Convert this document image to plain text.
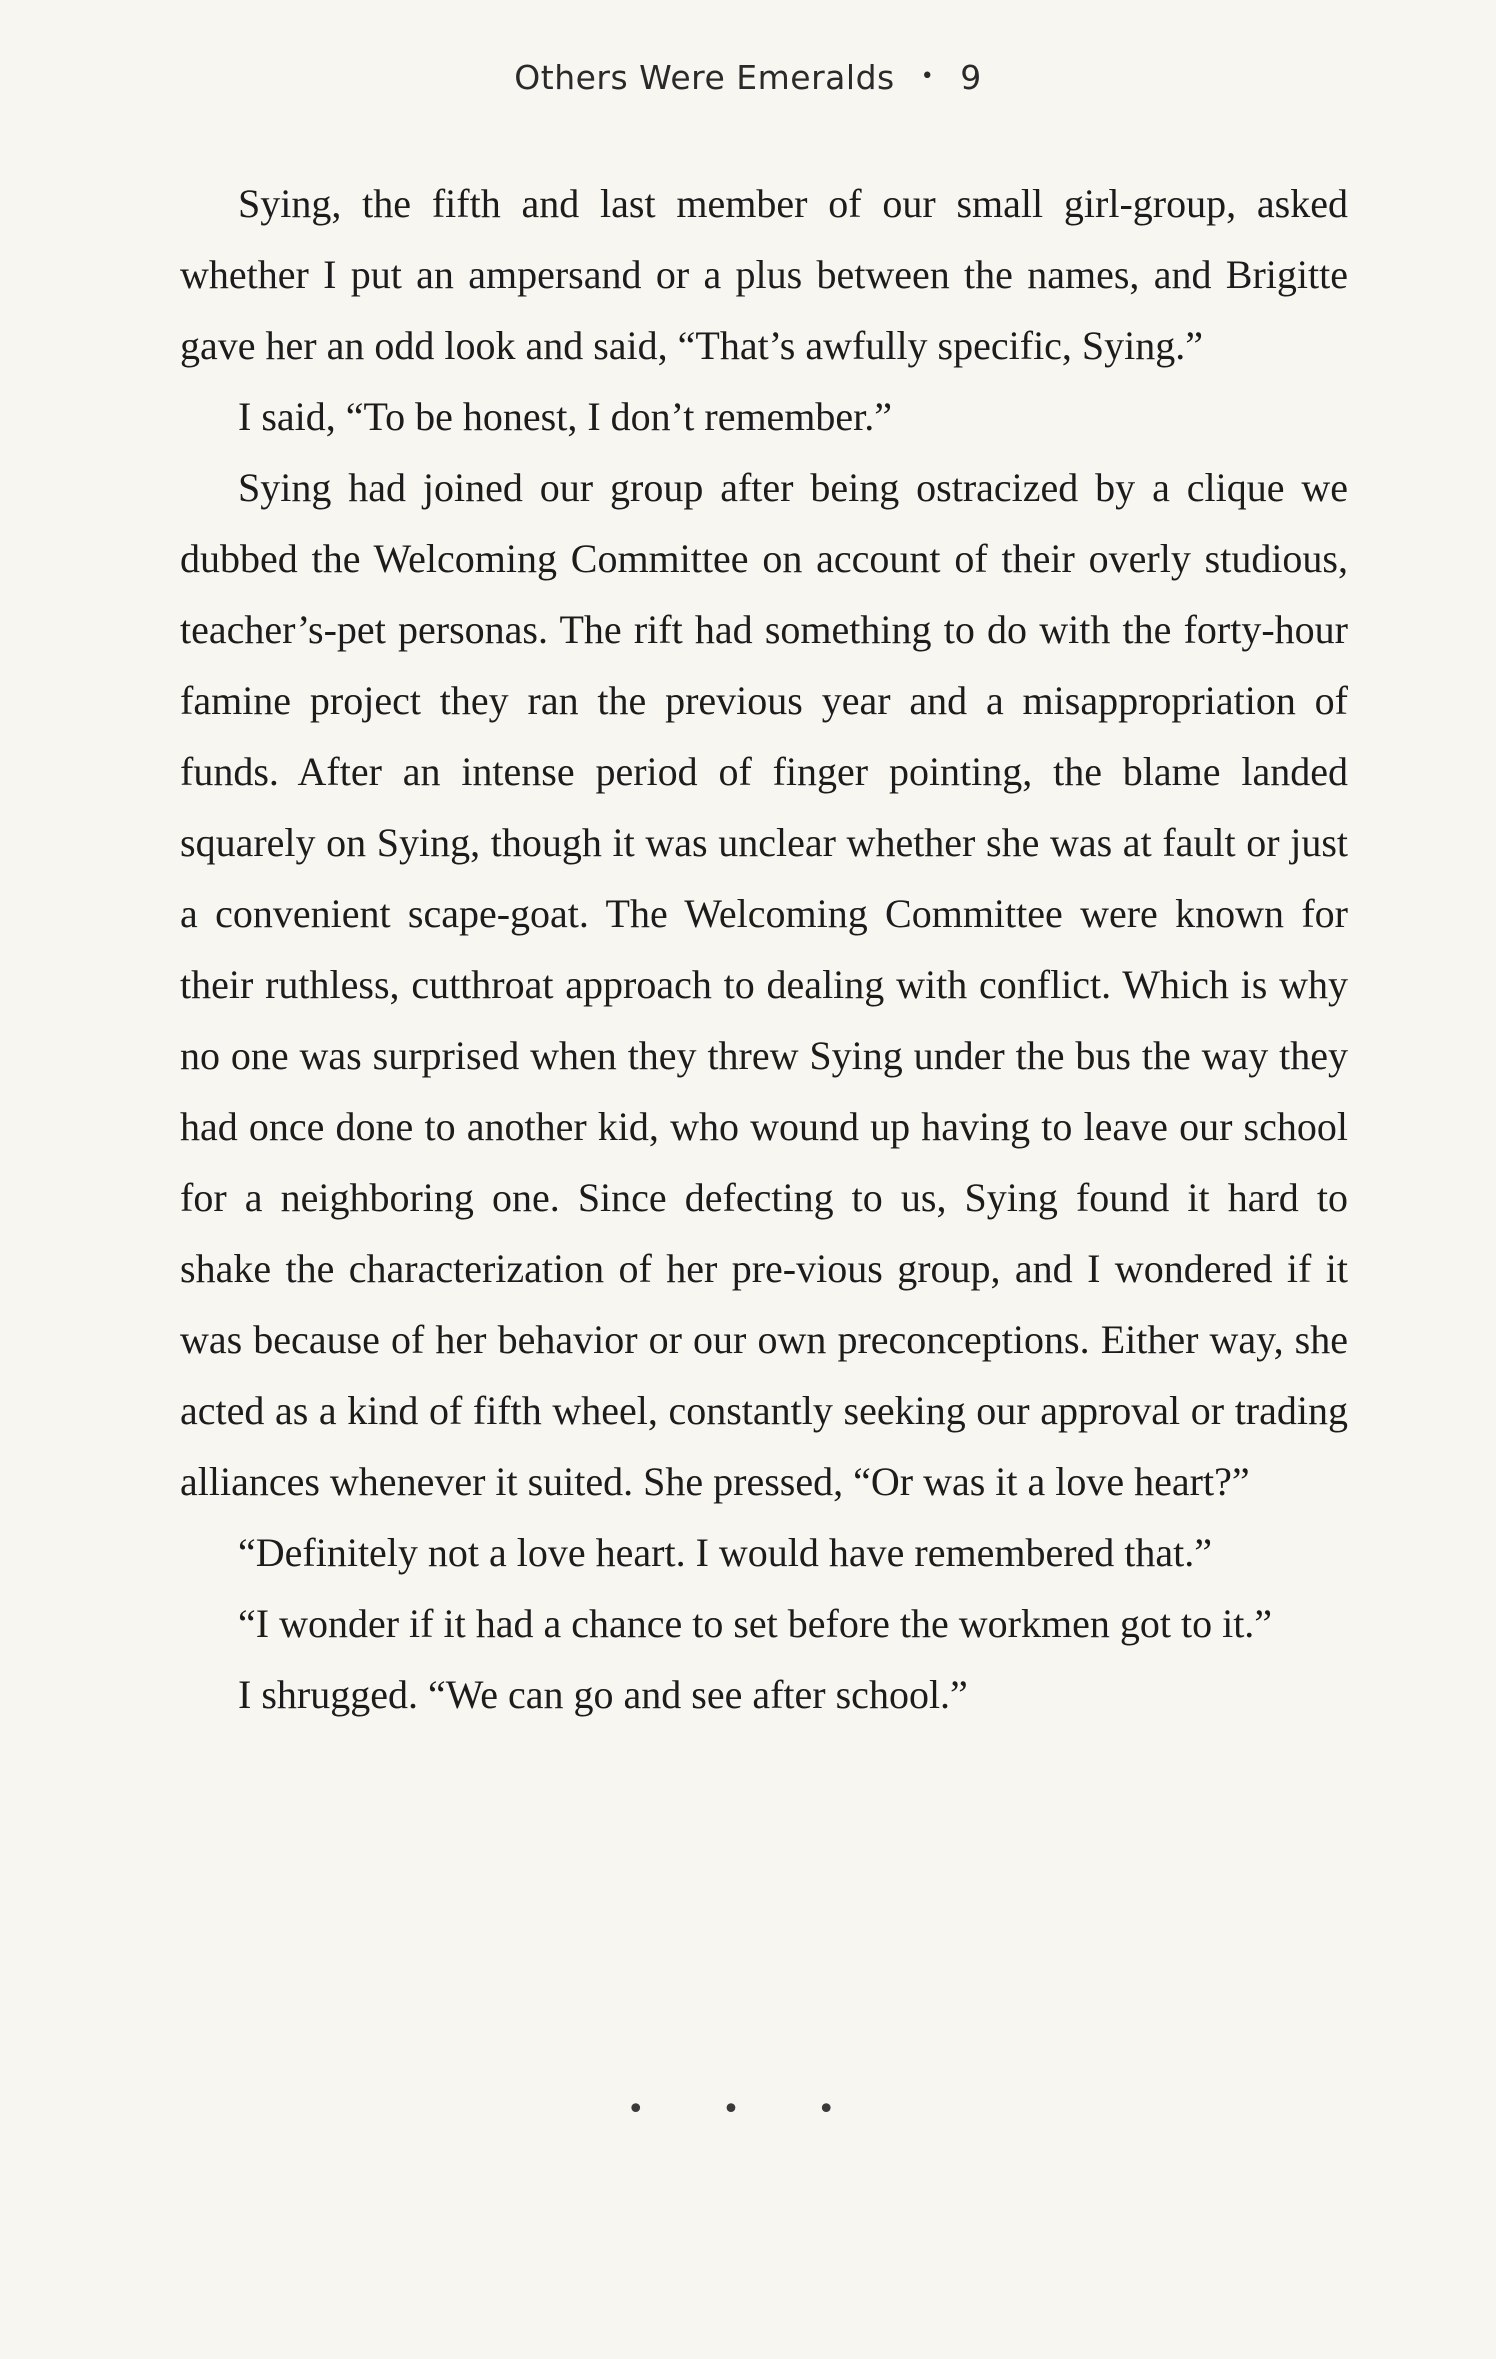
Others Were Emeralds • 9

Sying, the fifth and last member of our small girl-group, asked whether I put an ampersand or a plus between the names, and Brigitte gave her an odd look and said, “That’s awfully specific, Sying.”

I said, “To be honest, I don’t remember.”

Sying had joined our group after being ostracized by a clique we dubbed the Welcoming Committee on account of their overly studious, teacher’s-pet personas. The rift had something to do with the forty-hour famine project they ran the previous year and a misappropriation of funds. After an intense period of finger pointing, the blame landed squarely on Sying, though it was unclear whether she was at fault or just a convenient scape-goat. The Welcoming Committee were known for their ruthless, cutthroat approach to dealing with conflict. Which is why no one was surprised when they threw Sying under the bus the way they had once done to another kid, who wound up having to leave our school for a neighboring one. Since defecting to us, Sying found it hard to shake the characterization of her pre-vious group, and I wondered if it was because of her behavior or our own preconceptions. Either way, she acted as a kind of fifth wheel, constantly seeking our approval or trading alliances whenever it suited. She pressed, “Or was it a love heart?”

“Definitely not a love heart. I would have remembered that.”

“I wonder if it had a chance to set before the workmen got to it.”

I shrugged. “We can go and see after school.”

• • •
